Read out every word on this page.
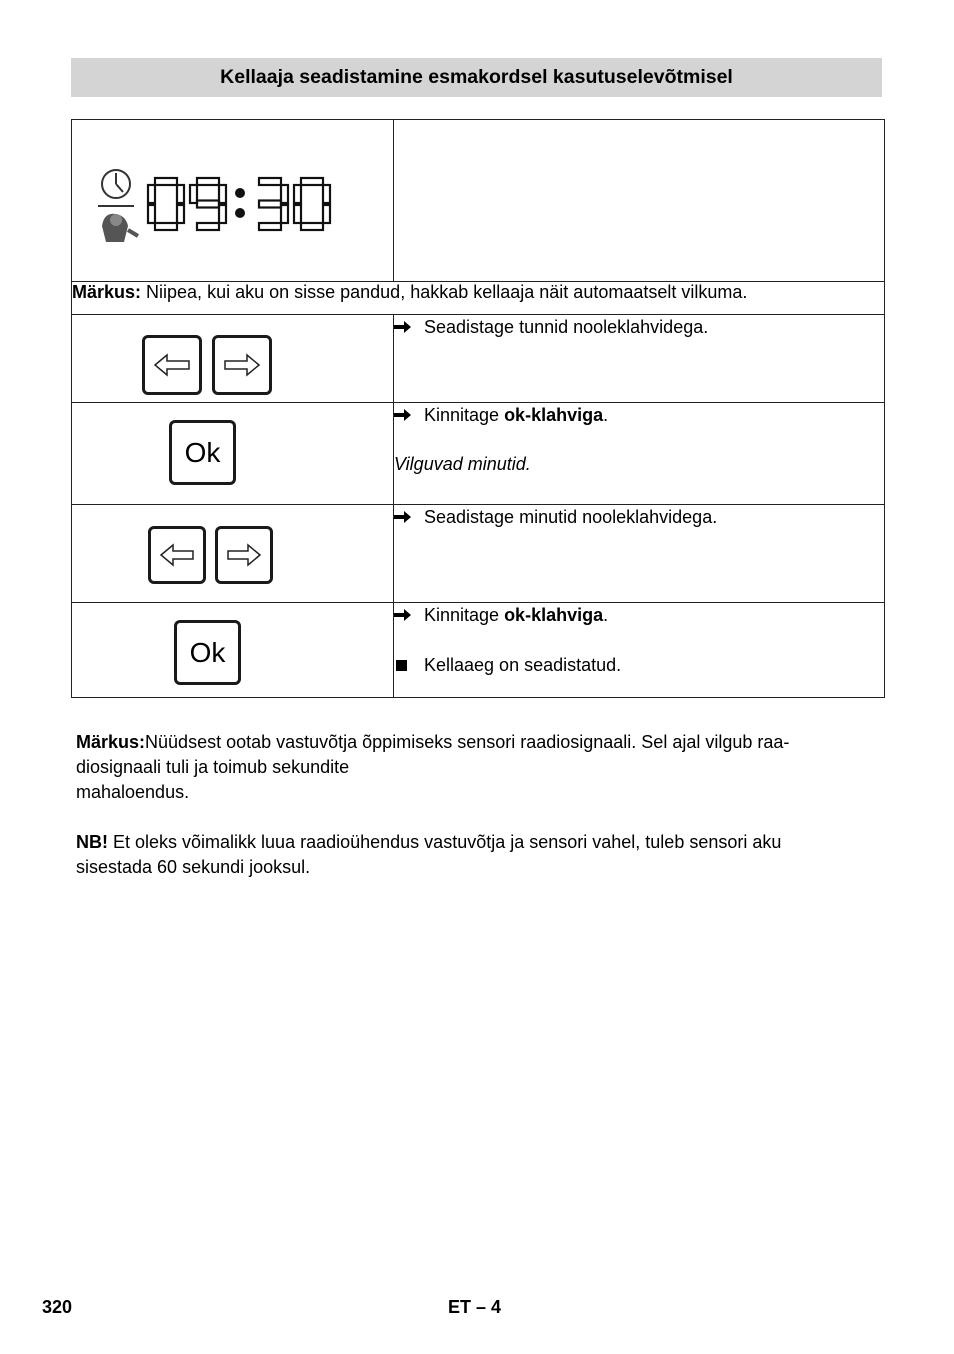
Kellaaja seadistamine esmakordsel kasutuselevõtmisel

Märkus: Niipea, kui aku on sisse pandud, hakkab kellaaja näit automaatselt vilkuma.	

Seadistage tunnid nooleklahvidega.

Ok	Kinnitage ok-klahviga.
Vilguvad minutid.

Seadistage minutid nooleklahvidega.

Ok	Kinnitage ok-klahviga.
Kellaaeg on seadistatud.
Märkus:Nüüdsest ootab vastuvõtja õppimiseks sensori raadiosignaali. Sel ajal vilgub raa-
diosignaali tuli ja toimub sekundite
mahaloendus.
NB! Et oleks võimalikk luua raadioühendus vastuvõtja ja sensori vahel, tuleb sensori aku
sisestada 60 sekundi jooksul.
320	ET – 4
